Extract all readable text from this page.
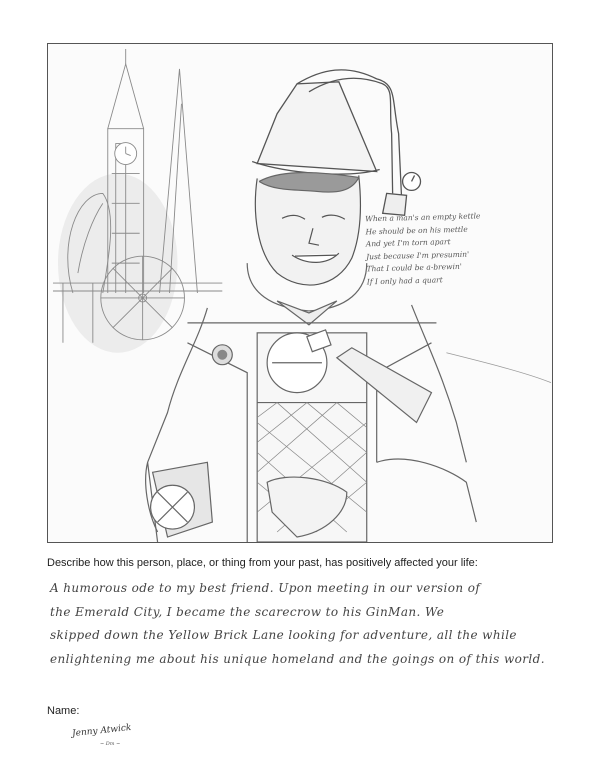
When a man's an empty kettle
He should be on his mettle
And yet I'm torn apart
Just because I'm presumin'
That I could be a-brewin'
If I only had a quart
Describe how this person, place, or thing from your past, has positively affected your life:
A humorous ode to my best friend. Upon meeting in our version of
the Emerald City, I became the scarecrow to his GinMan. We
skipped down the Yellow Brick Lane looking for adventure, all the while
enlightening me about his unique homeland and the goings on of this world.
Name:
Jenny Atwick
~ Dm ~
